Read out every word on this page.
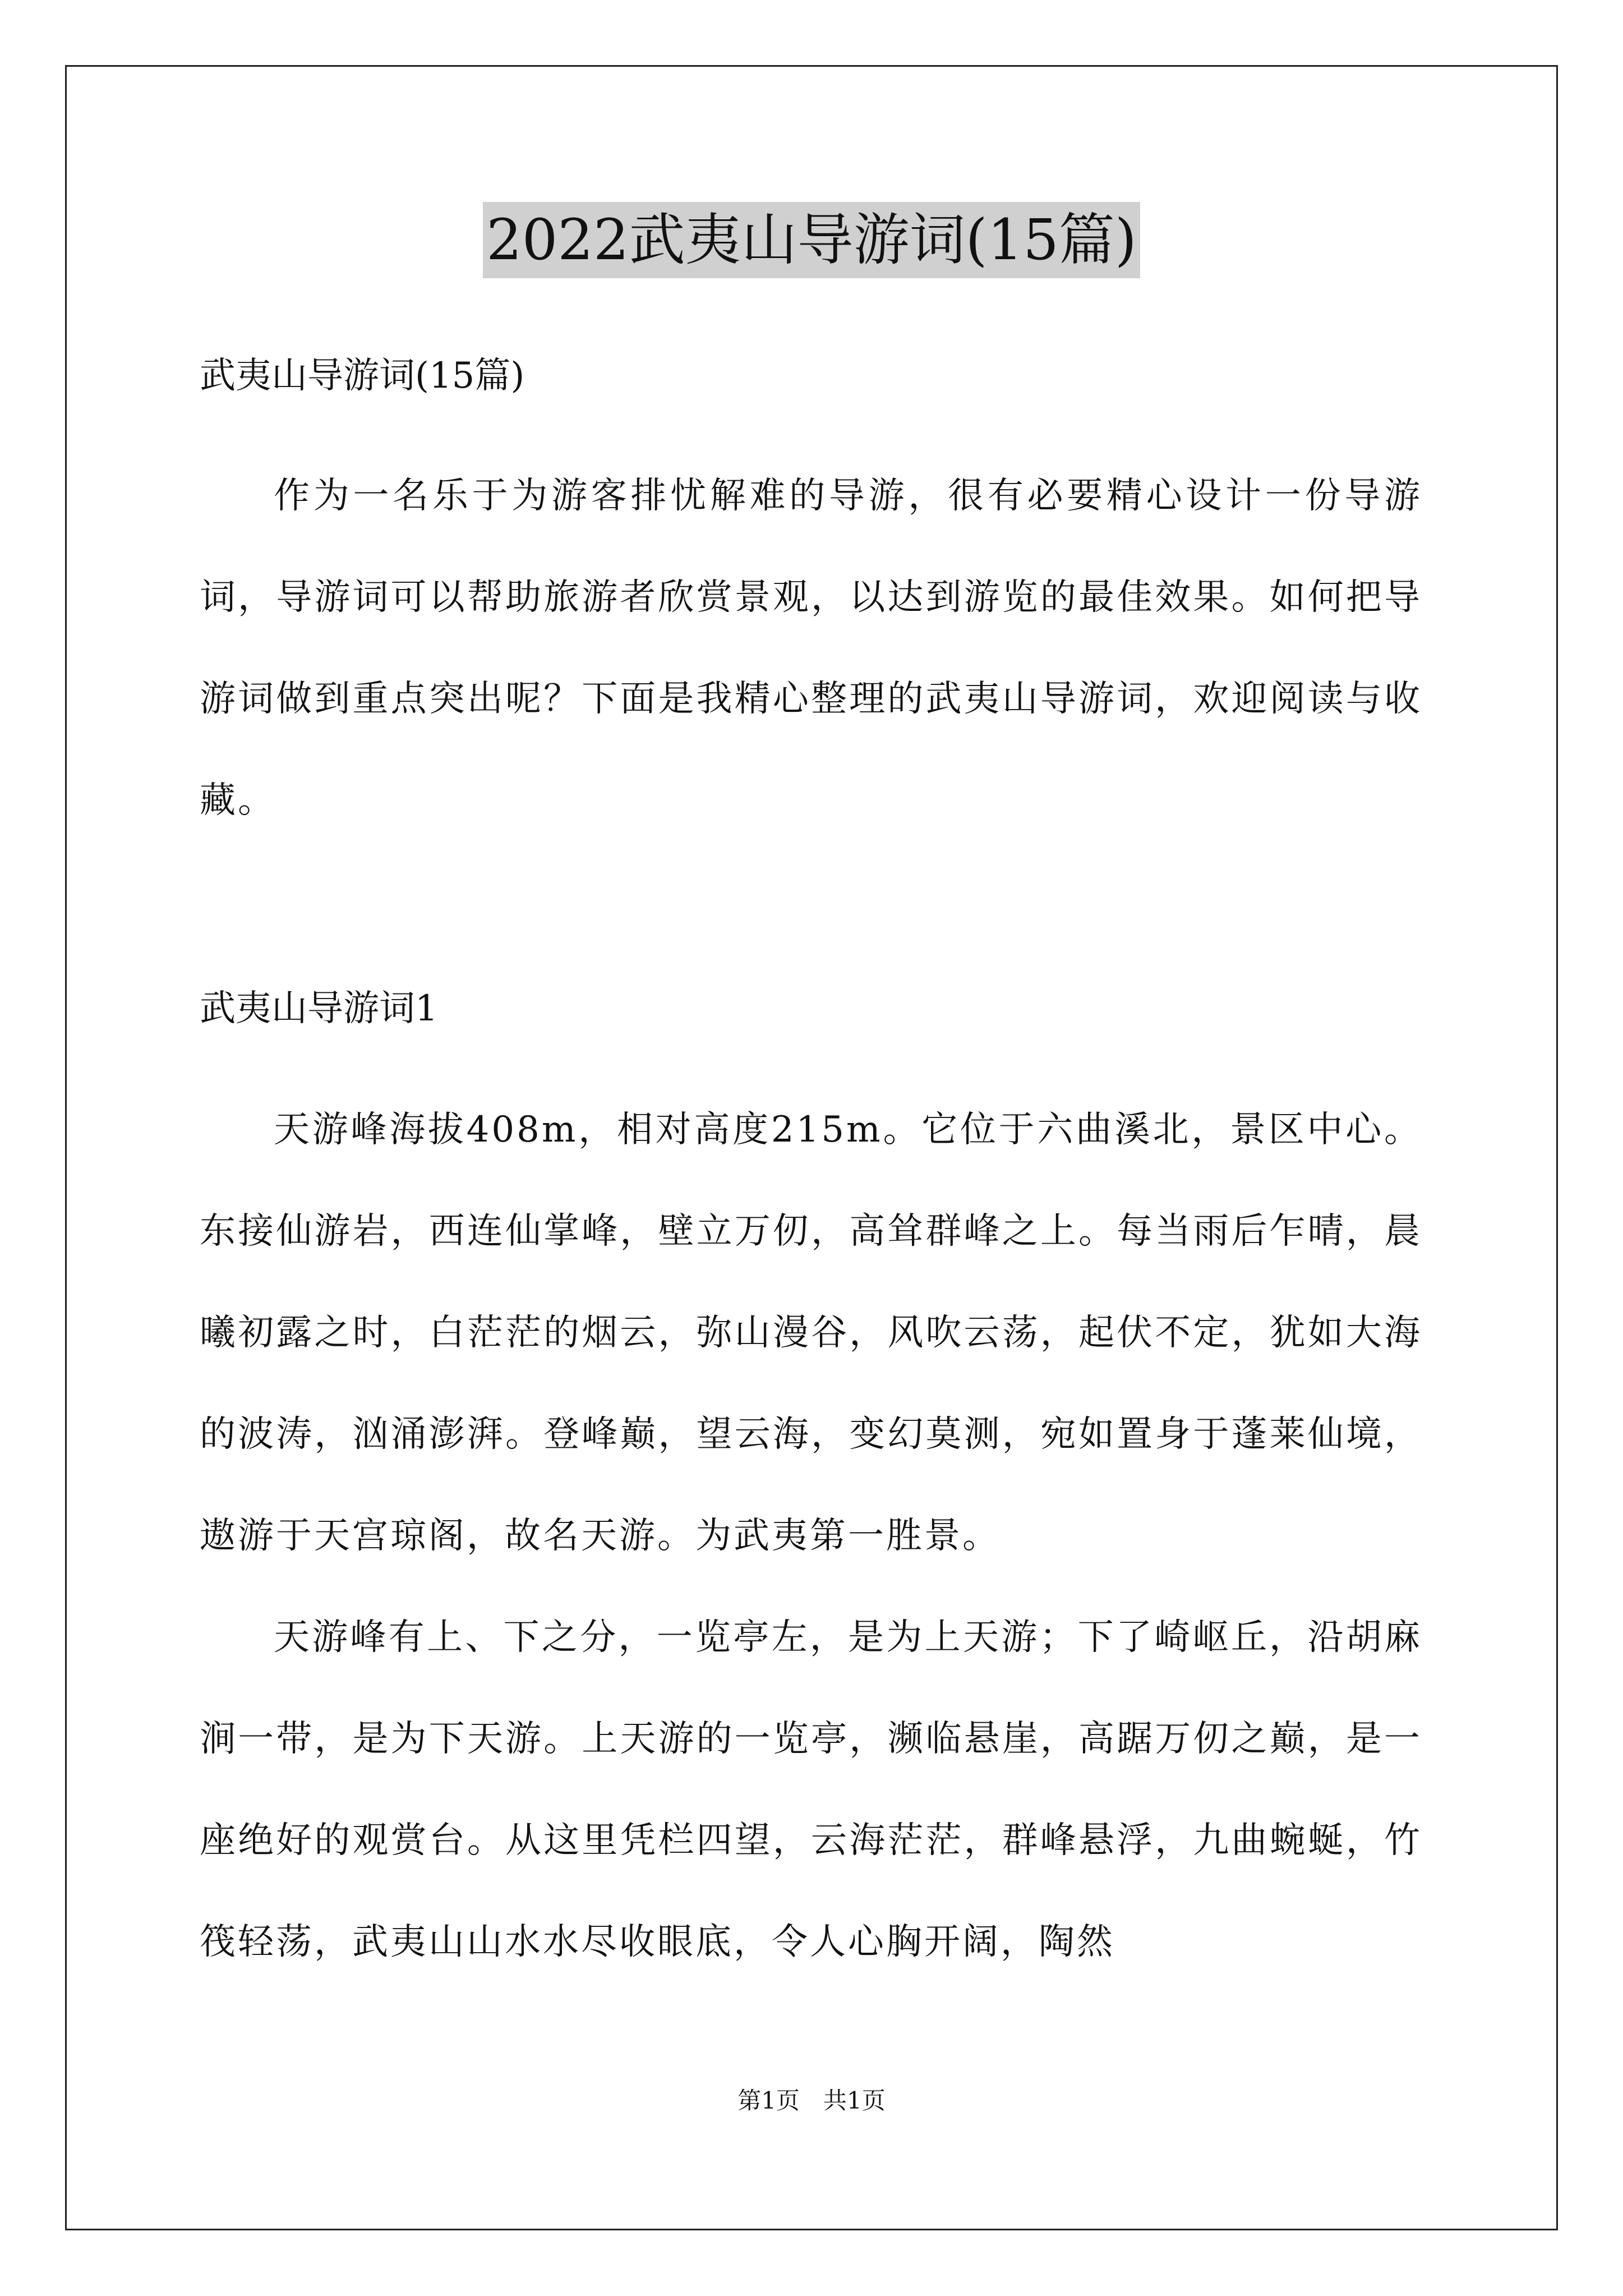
2022武夷山导游词(15篇)

武夷山导游词(15篇)

作为一名乐于为游客排忧解难的导游，很有必要精心设计一份导游词，导游词可以帮助旅游者欣赏景观，以达到游览的最佳效果。如何把导游词做到重点突出呢？下面是我精心整理的武夷山导游词，欢迎阅读与收藏。

武夷山导游词1

天游峰海拔408m，相对高度215m。它位于六曲溪北，景区中心。东接仙游岩，西连仙掌峰，壁立万仞，高耸群峰之上。每当雨后乍晴，晨曦初露之时，白茫茫的烟云，弥山漫谷，风吹云荡，起伏不定，犹如大海的波涛，汹涌澎湃。登峰巅，望云海，变幻莫测，宛如置身于蓬莱仙境，遨游于天宫琼阁，故名天游。为武夷第一胜景。

天游峰有上、下之分，一览亭左，是为上天游；下了崎岖丘，沿胡麻涧一带，是为下天游。上天游的一览亭，濒临悬崖，高踞万仞之巅，是一座绝好的观赏台。从这里凭栏四望，云海茫茫，群峰悬浮，九曲蜿蜒，竹筏轻荡，武夷山山水水尽收眼底，令人心胸开阔，陶然

第1页　共1页
